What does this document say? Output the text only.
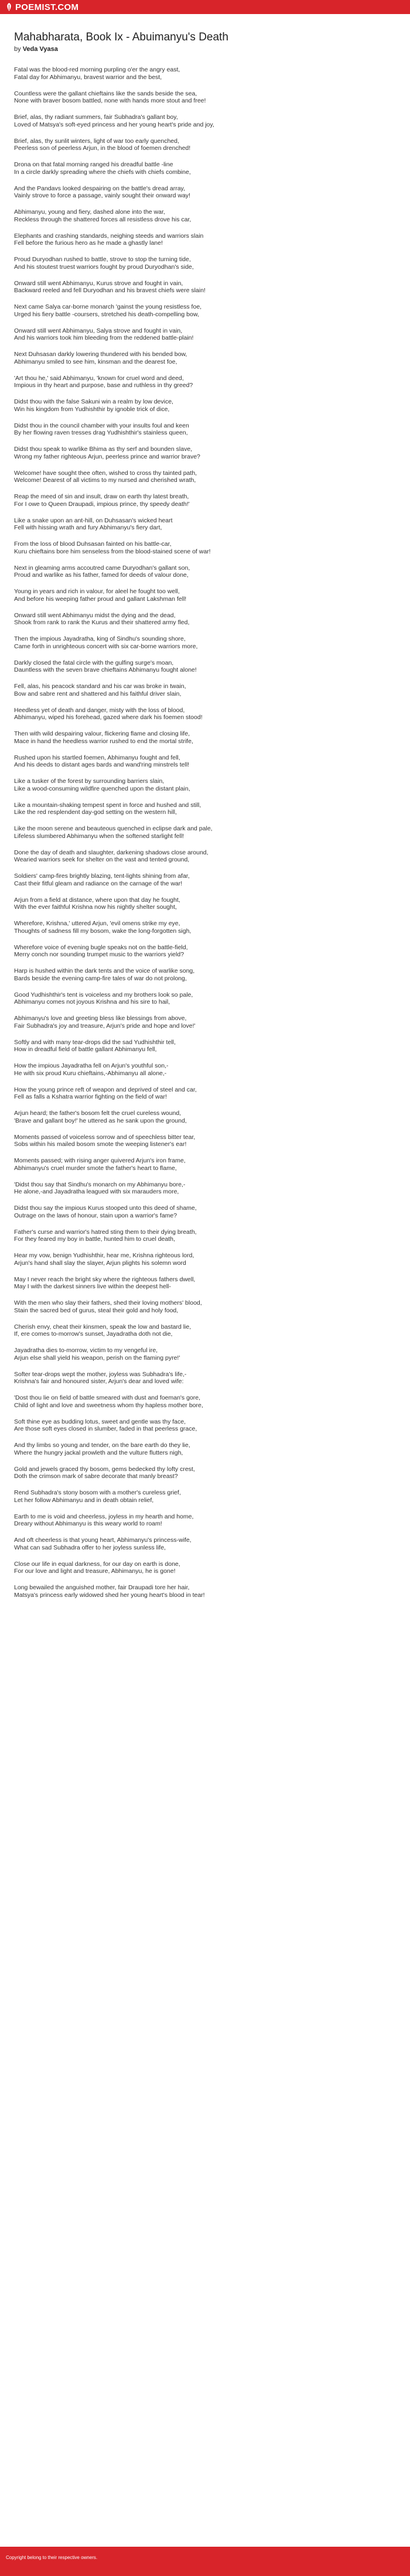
POEMIST.COM
Mahabharata, Book Ix - Abuimanyu's Death
by Veda Vyasa
Fatal was the blood-red morning purpling o'er the angry east,
Fatal day for Abhimanyu, bravest warrior and the best,
Countless were the gallant chieftains like the sands beside the sea,
None with braver bosom battled, none with hands more stout and free!
Brief, alas, thy radiant summers, fair Subhadra's gallant boy,
Loved of Matsya's soft-eyed princess and her young heart's pride and joy,
Brief, alas, thy sunlit winters, light of war too early quenched,
Peerless son of peerless Arjun, in the blood of foemen drenched!
Drona on that fatal morning ranged his dreadful battle -line
In a circle darkly spreading where the chiefs with chiefs combine,
And the Pandavs looked despairing on the battle's dread array,
Vainly strove to force a passage, vainly sought their onward way!
Abhimanyu, young and fiery, dashed alone into the war,
Reckless through the shattered forces all resistless drove his car,
Elephants and crashing standards, neighing steeds and warriors slain
Fell before the furious hero as he made a ghastly lane!
Proud Duryodhan rushed to battle, strove to stop the turning tide,
And his stoutest truest warriors fought by proud Duryodhan's side,
Onward still went Abhimanyu, Kurus strove and fought in vain,
Backward reeled and fell Duryodhan and his bravest chiefs were slain!
Next came Salya car-borne monarch 'gainst the young resistless foe,
Urged his fiery battle -coursers, stretched his death-compelling bow,
Onward still went Abhimanyu, Salya strove and fought in vain,
And his warriors took him bleeding from the reddened battle-plain!
Next Duhsasan darkly lowering thundered with his bended bow,
Abhimanyu smiled to see him, kinsman and the dearest foe,
'Art thou he,' said Abhimanyu, 'known for cruel word and deed,
Impious in thy heart and purpose, base and ruthless in thy greed?
Didst thou with the false Sakuni win a realm by low device,
Win his kingdom from Yudhishthir by ignoble trick of dice,
Didst thou in the council chamber with your insults foul and keen
By her flowing raven tresses drag Yudhishthir's stainless queen,
Didst thou speak to warlike Bhima as thy serf and bounden slave,
Wrong my father righteous Arjun, peerless prince and warrior brave?
Welcome! have sought thee often, wished to cross thy tainted path,
Welcome! Dearest of all victims to my nursed and cherished wrath,
Reap the meed of sin and insult, draw on earth thy latest breath,
For I owe to Queen Draupadi, impious prince, thy speedy death!'
Like a snake upon an ant-hill, on Duhsasan's wicked heart
Fell with hissing wrath and fury Abhimanyu's fiery dart,
From the loss of blood Duhsasan fainted on his battle-car,
Kuru chieftains bore him senseless from the blood-stained scene of war!
Next in gleaming arms accoutred came Duryodhan's gallant son,
Proud and warlike as his father, famed for deeds of valour done,
Young in years and rich in valour, for aleel he fought too well,
And before his weeping father proud and gallant Lakshman fell!
Onward still went Abhimanyu midst the dying and the dead,
Shook from rank to rank the Kurus and their shattered army fled,
Then the impious Jayadratha, king of Sindhu's sounding shore,
Came forth in unrighteous concert with six car-borne warriors more,
Darkly closed the fatal circle with the gulfing surge's moan,
Dauntless with the seven brave chieftains Abhimanyu fought alone!
Fell, alas, his peacock standard and his car was broke in twain,
Bow and sabre rent and shattered and his faithful driver slain,
Heedless yet of death and danger, misty with the loss of blood,
Abhimanyu, wiped his forehead, gazed where dark his foemen stood!
Then with wild despairing valour, flickering flame and closing life,
Mace in hand the heedless warrior rushed to end the mortal strife,
Rushed upon his startled foemen, Abhimanyu fought and fell,
And his deeds to distant ages bards and wand'ring minstrels tell!
Like a tusker of the forest by surrounding barriers slain,
Like a wood-consuming wildfire quenched upon the distant plain,
Like a mountain-shaking tempest spent in force and hushed and still,
Like the red resplendent day-god setting on the western hill,
Like the moon serene and beauteous quenched in eclipse dark and pale,
Lifeless slumbered Abhimanyu when the softened starlight fell!
Done the day of death and slaughter, darkening shadows close around,
Wearied warriors seek for shelter on the vast and tented ground,
Soldiers' camp-fires brightly blazing, tent-lights shining from afar,
Cast their fitful gleam and radiance on the carnage of the war!
Arjun from a field at distance, where upon that day he fought,
With the ever faithful Krishna now his nightly shelter sought,
Wherefore, Krishna,' uttered Arjun, 'evil omens strike my eye,
Thoughts of sadness fill my bosom, wake the long-forgotten sigh,
Wherefore voice of evening bugle speaks not on the battle-field,
Merry conch nor sounding trumpet music to the warriors yield?
Harp is hushed within the dark tents and the voice of warlike song,
Bards beside the evening camp-fire tales of war do not prolong,
Good Yudhishthir's tent is voiceless and my brothers look so pale,
Abhimanyu comes not joyous Krishna and his sire to hail,
Abhimanyu's love and greeting bless like blessings from above,
Fair Subhadra's joy and treasure, Arjun's pride and hope and love!'
Softly and with many tear-drops did the sad Yudhishthir tell,
How in dreadful field of battle gallant Abhimanyu fell,
How the impious Jayadratha fell on Arjun's youthful son,-
He with six proud Kuru chieftains,-Abhimanyu all alone,-
How the young prince reft of weapon and deprived of steel and car,
Fell as falls a Kshatra warrior fighting on the field of war!
Arjun heard; the father's bosom felt the cruel cureless wound,
'Brave and gallant boy!' he uttered as he sank upon the ground,
Moments passed of voiceless sorrow and of speechless bitter tear,
Sobs within his mailed bosom smote the weeping listener's ear!
Moments passed; with rising anger quivered Arjun's iron frame,
Abhimanyu's cruel murder smote the father's heart to flame,
'Didst thou say that Sindhu's monarch on my Abhimanyu bore,-
He alone,-and Jayadratha leagued with six marauders more,
Didst thou say the impious Kurus stooped unto this deed of shame,
Outrage on the laws of honour, stain upon a warrior's fame?
Father's curse and warrior's hatred sting them to their dying breath,
For they feared my boy in battle, hunted him to cruel death,
Hear my vow, benign Yudhishthir, hear me, Krishna righteous lord,
Arjun's hand shall slay the slayer, Arjun plights his solemn word
May I never reach the bright sky where the righteous fathers dwell,
May I with the darkest sinners live within the deepest hell-
With the men who slay their fathers, shed their loving mothers' blood,
Stain the sacred bed of gurus, steal their gold and holy food,
Cherish envy, cheat their kinsmen, speak the low and bastard lie,
If, ere comes to-morrow's sunset, Jayadratha doth not die,
Jayadratha dies to-morrow, victim to my vengeful ire,
Arjun else shall yield his weapon, perish on the flaming pyre!'
Softer tear-drops wept the mother, joyless was Subhadra's life,-
Krishna's fair and honoured sister, Arjun's dear and loved wife:
'Dost thou lie on field of battle smeared with dust and foeman's gore,
Child of light and love and sweetness whom thy hapless mother bore,
Soft thine eye as budding lotus, sweet and gentle was thy face,
Are those soft eyes closed in slumber, faded in that peerless grace,
And thy limbs so young and tender, on the bare earth do they lie,
Where the hungry jackal prowleth and the vulture flutters nigh,
Gold and jewels graced thy bosom, gems bedecked thy lofty crest,
Doth the crimson mark of sabre decorate that manly breast?
Rend Subhadra's stony bosom with a mother's cureless grief,
Let her follow Abhimanyu and in death obtain relief,
Earth to me is void and cheerless, joyless in my hearth and home,
Dreary without Abhimanyu is this weary world to roam!
And oft cheerless is that young heart, Abhimanyu's princess-wife,
What can sad Subhadra offer to her joyless sunless life,
Close our life in equal darkness, for our day on earth is done,
For our love and light and treasure, Abhimanyu, he is gone!
Long bewailed the anguished mother, fair Draupadi tore her hair,
Matsya's princess early widowed shed her young heart's blood in tear!
Copyright belong to their respective owners.
